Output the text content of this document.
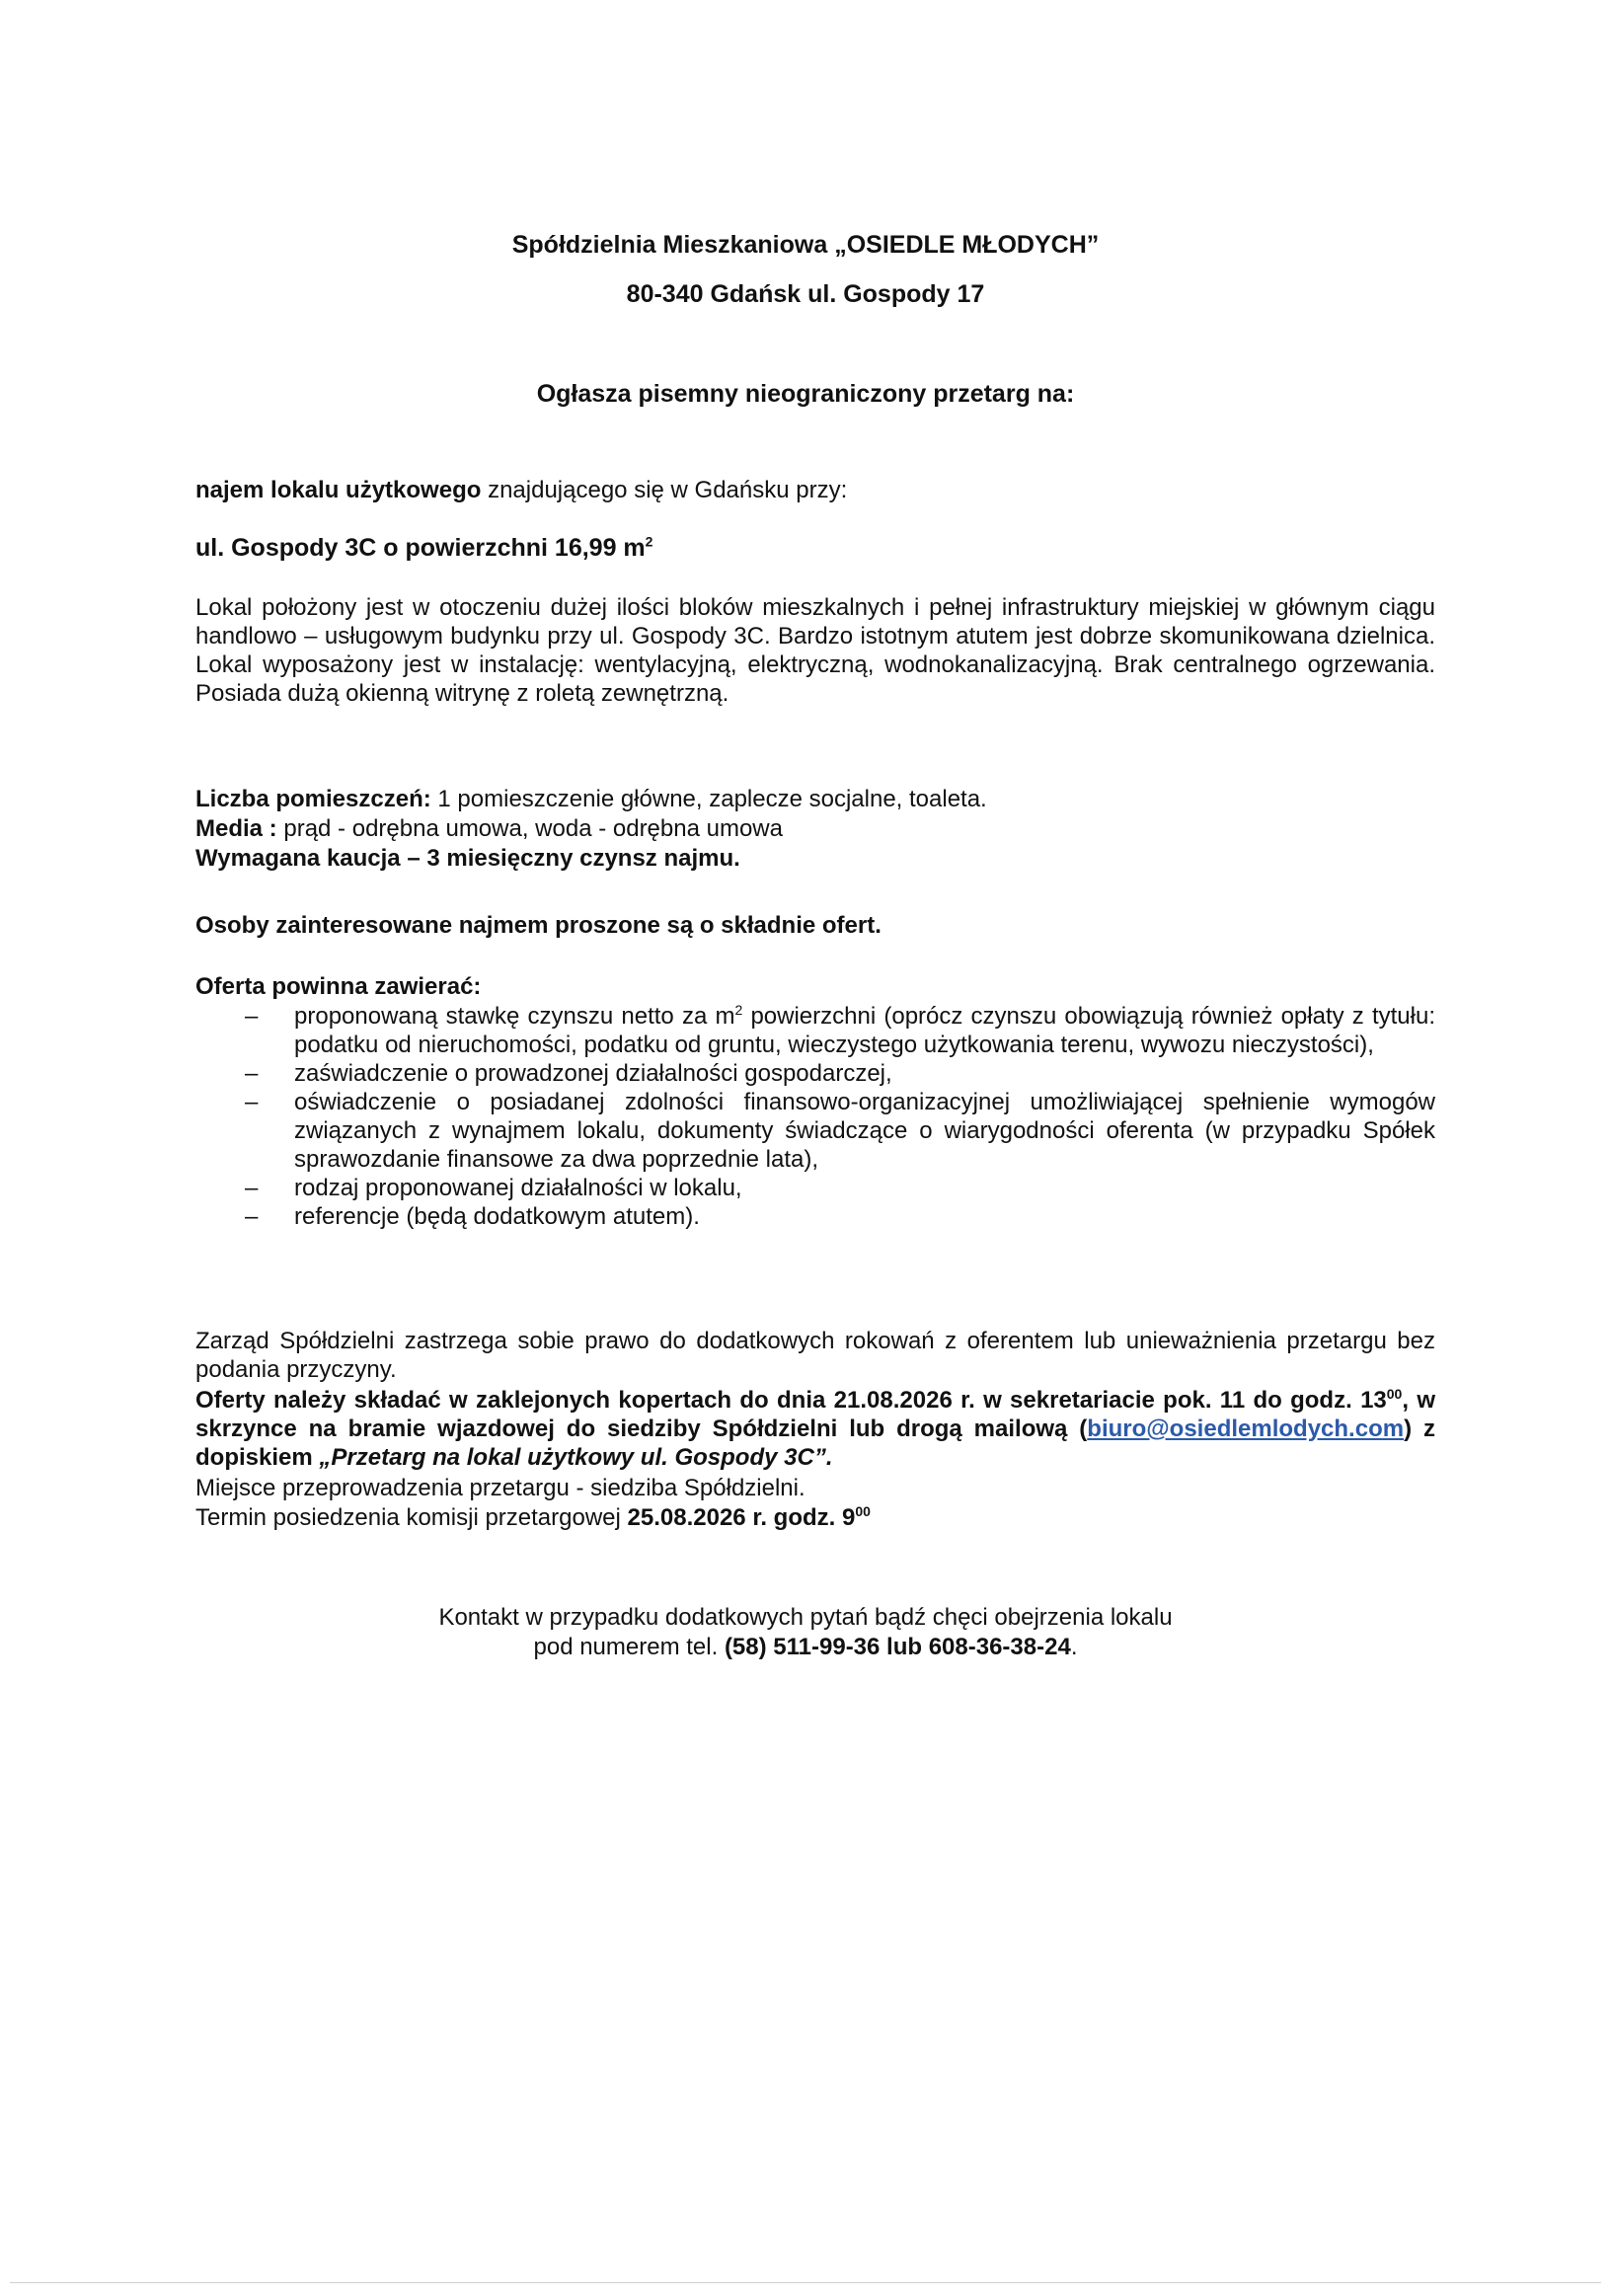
Spółdzielnia Mieszkaniowa „OSIEDLE MŁODYCH”
80-340 Gdańsk ul. Gospody 17
Ogłasza pisemny nieograniczony przetarg na:
najem lokalu użytkowego znajdującego się w Gdańsku przy:
ul. Gospody 3C o powierzchni 16,99 $m^2$
Lokal położony jest w otoczeniu dużej ilości bloków mieszkalnych i pełnej infrastruktury miejskiej w głównym ciągu handlowo – usługowym budynku przy ul. Gospody 3C. Bardzo istotnym atutem jest dobrze skomunikowana dzielnica. Lokal wyposażony jest w instalację: wentylacyjną, elektryczną, wodnokanalizacyjną. Brak centralnego ogrzewania. Posiada dużą okienną witrynę z roletą zewnętrzną.
Liczba pomieszczeń: 1 pomieszczenie główne, zaplecze socjalne, toaleta.
Media : prąd - odrębna umowa, woda - odrębna umowa
Wymagana kaucja – 3 miesięczny czynsz najmu.
Osoby zainteresowane najmem proszone są o składnie ofert.
Oferta powinna zawierać:
– proponowaną stawkę czynszu netto za $m^2$ powierzchni (oprócz czynszu obowiązują również opłaty z tytułu: podatku od nieruchomości, podatku od gruntu, wieczystego użytkowania terenu, wywozu nieczystości),
– zaświadczenie o prowadzonej działalności gospodarczej,
– oświadczenie o posiadanej zdolności finansowo-organizacyjnej umożliwiającej spełnienie wymogów związanych z wynajmem lokalu, dokumenty świadczące o wiarygodności oferenta (w przypadku Spółek sprawozdanie finansowe za dwa poprzednie lata),
– rodzaj proponowanej działalności w lokalu,
– referencje (będą dodatkowym atutem).
Zarząd Spółdzielni zastrzega sobie prawo do dodatkowych rokowań z oferentem lub unieważnienia przetargu bez podania przyczyny.
Oferty należy składać w zaklejonych kopertach do dnia 21.08.2026 r. w sekretariacie pok. 11 do godz. $13^{00}$, w skrzynce na bramie wjazdowej do siedziby Spółdzielni lub drogą mailową (biuro@osiedlemlodych.com) z dopiskiem „Przetarg na lokal użytkowy ul. Gospody 3C”.
Miejsce przeprowadzenia przetargu - siedziba Spółdzielni.
Termin posiedzenia komisji przetargowej 25.08.2026 r. godz. $9^{00}$
Kontakt w przypadku dodatkowych pytań bądź chęci obejrzenia lokalu
pod numerem tel. (58) 511-99-36 lub 608-36-38-24.
